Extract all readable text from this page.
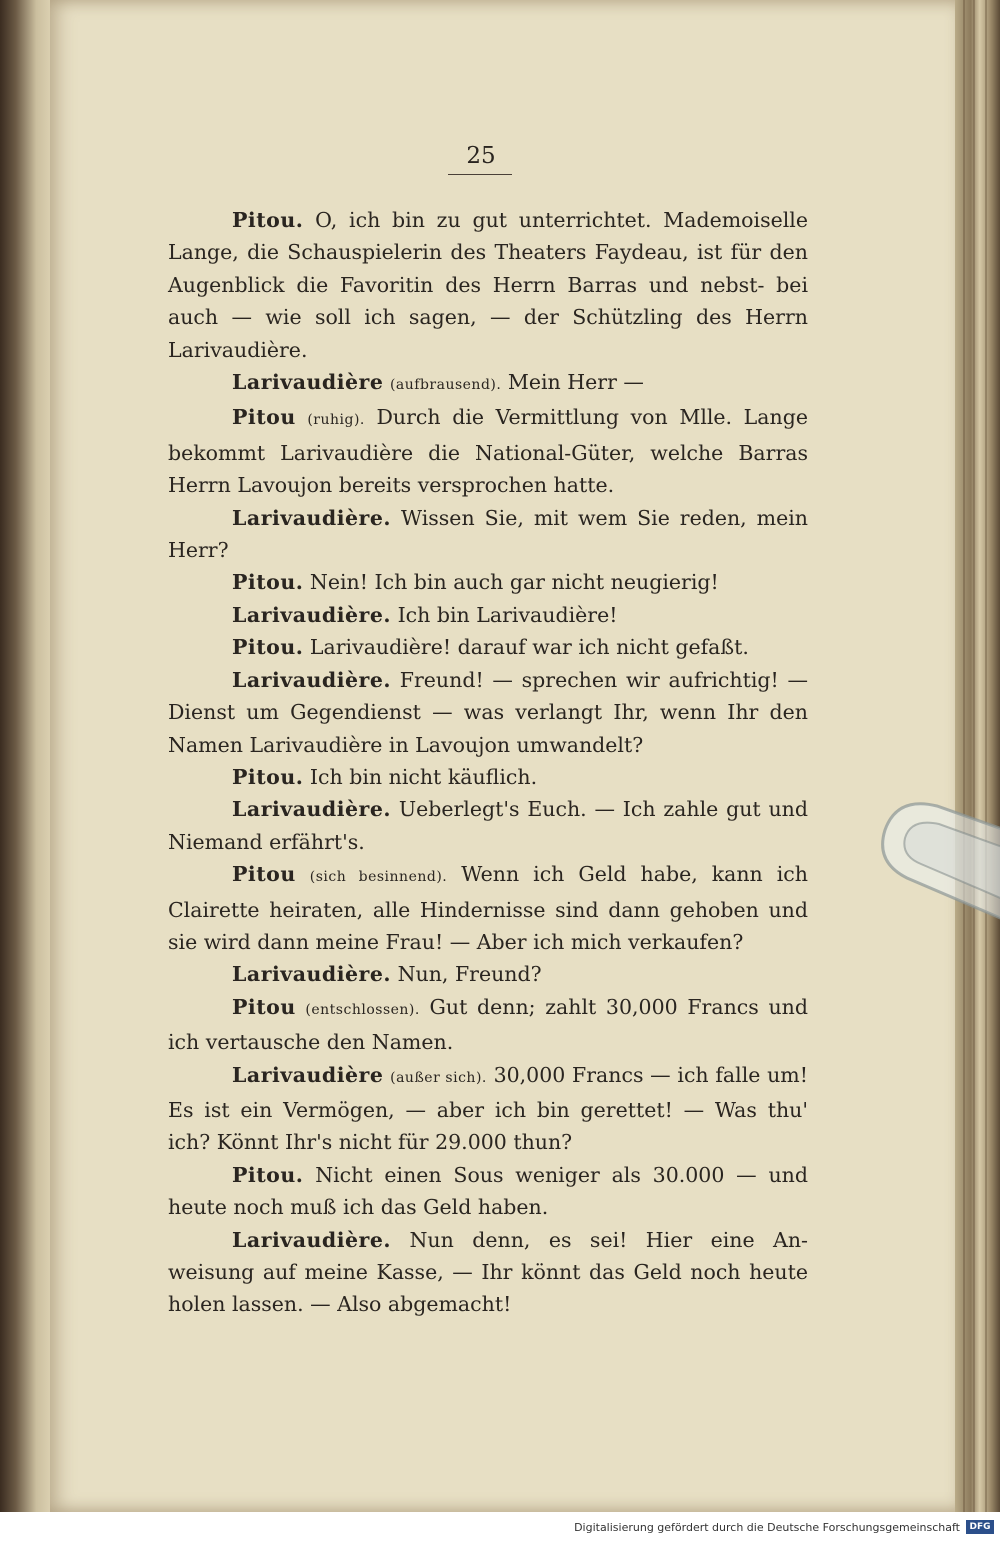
25

Pitou. O, ich bin zu gut unterrichtet. Mademoiselle Lange, die Schauspielerin des Theaters Faydeau, ist für den Augenblick die Favoritin des Herrn Barras und nebst- bei auch — wie soll ich sagen, — der Schützling des Herrn Larivaudière.

Larivaudière (aufbrausend). Mein Herr —

Pitou (ruhig). Durch die Vermittlung von Mlle. Lange bekommt Larivaudière die National-Güter, welche Barras Herrn Lavoujon bereits versprochen hatte.

Larivaudière. Wissen Sie, mit wem Sie reden, mein Herr?

Pitou. Nein! Ich bin auch gar nicht neugierig!

Larivaudière. Ich bin Larivaudière!

Pitou. Larivaudière! darauf war ich nicht gefaßt.

Larivaudière. Freund! — sprechen wir aufrichtig! — Dienst um Gegendienst — was verlangt Ihr, wenn Ihr den Namen Larivaudière in Lavoujon umwandelt?

Pitou. Ich bin nicht käuflich.

Larivaudière. Ueberlegt's Euch. — Ich zahle gut und Niemand erfährt's.

Pitou (sich besinnend). Wenn ich Geld habe, kann ich Clairette heiraten, alle Hindernisse sind dann gehoben und sie wird dann meine Frau! — Aber ich mich verkaufen?

Larivaudière. Nun, Freund?

Pitou (entschlossen). Gut denn; zahlt 30,000 Francs und ich vertausche den Namen.

Larivaudière (außer sich). 30,000 Francs — ich falle um! Es ist ein Vermögen, — aber ich bin gerettet! — Was thu' ich? Könnt Ihr's nicht für 29.000 thun?

Pitou. Nicht einen Sous weniger als 30.000 — und heute noch muß ich das Geld haben.

Larivaudière. Nun denn, es sei! Hier eine An- weisung auf meine Kasse, — Ihr könnt das Geld noch heute holen lassen. — Also abgemacht!

Digitalisierung gefördert durch die Deutsche Forschungsgemeinschaft	DFG
